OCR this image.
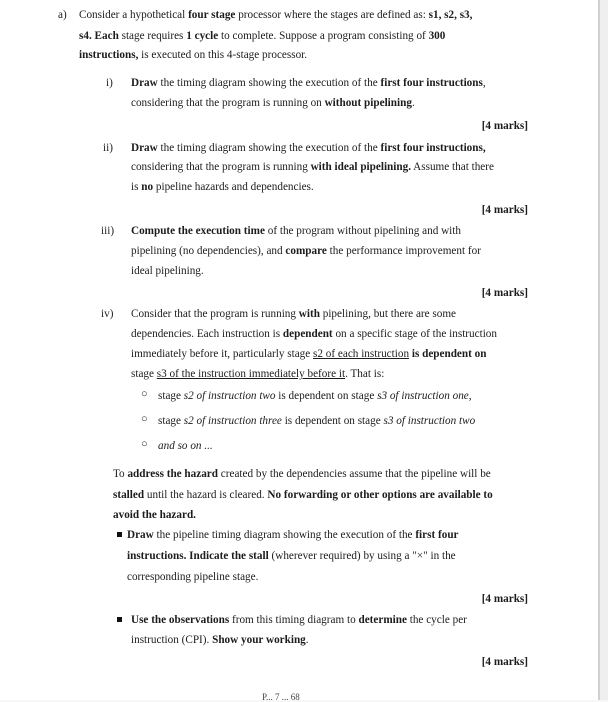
a) Consider a hypothetical four stage processor where the stages are defined as: s1, s2, s3,
s4. Each stage requires 1 cycle to complete. Suppose a program consisting of 300
instructions, is executed on this 4-stage processor.
i) Draw the timing diagram showing the execution of the first four instructions,
considering that the program is running on without pipelining.
[4 marks]
ii) Draw the timing diagram showing the execution of the first four instructions,
considering that the program is running with ideal pipelining. Assume that there
is no pipeline hazards and dependencies.
[4 marks]
iii) Compute the execution time of the program without pipelining and with
pipelining (no dependencies), and compare the performance improvement for
ideal pipelining.
[4 marks]
iv) Consider that the program is running with pipelining, but there are some
dependencies. Each instruction is dependent on a specific stage of the instruction
immediately before it, particularly stage s2 of each instruction is dependent on
stage s3 of the instruction immediately before it. That is:
○ stage s2 of instruction two is dependent on stage s3 of instruction one,
○ stage s2 of instruction three is dependent on stage s3 of instruction two
○ and so on ...
To address the hazard created by the dependencies assume that the pipeline will be
stalled until the hazard is cleared. No forwarding or other options are available to
avoid the hazard.
Draw the pipeline timing diagram showing the execution of the first four
instructions. Indicate the stall (wherever required) by using a "×" in the
corresponding pipeline stage.
[4 marks]
Use the observations from this timing diagram to determine the cycle per
instruction (CPI). Show your working.
[4 marks]
P... 7 ... 68
